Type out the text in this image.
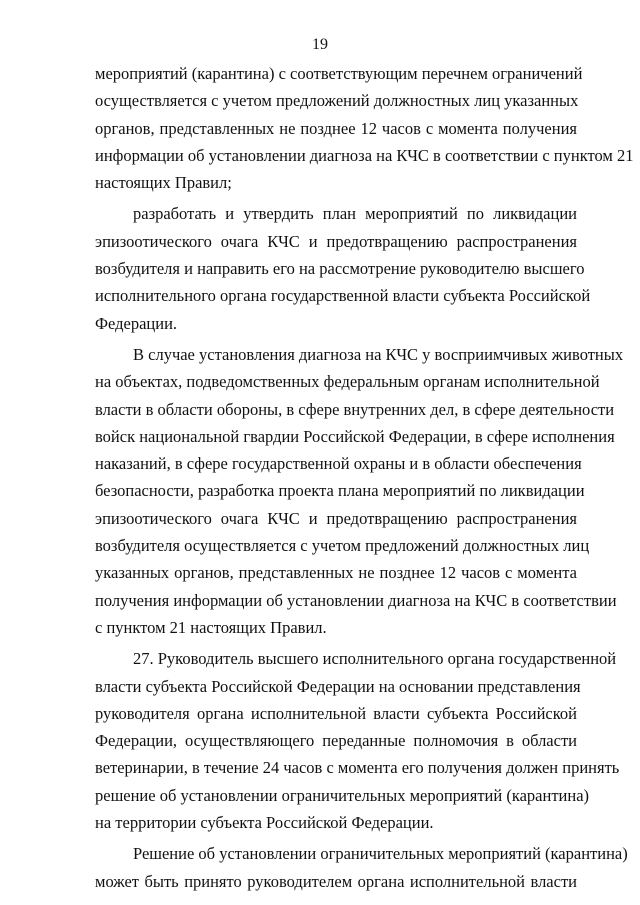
19
мероприятий (карантина) с соответствующим перечнем ограничений
осуществляется с учетом предложений должностных лиц указанных
органов, представленных не позднее 12 часов с момента получения
информации об установлении диагноза на КЧС в соответствии с пунктом 21
настоящих Правил;
разработать и утвердить план мероприятий по ликвидации
эпизоотического очага КЧС и предотвращению распространения
возбудителя и направить его на рассмотрение руководителю высшего
исполнительного органа государственной власти субъекта Российской
Федерации.
В случае установления диагноза на КЧС у восприимчивых животных
на объектах, подведомственных федеральным органам исполнительной
власти в области обороны, в сфере внутренних дел, в сфере деятельности
войск национальной гвардии Российской Федерации, в сфере исполнения
наказаний, в сфере государственной охраны и в области обеспечения
безопасности, разработка проекта плана мероприятий по ликвидации
эпизоотического очага КЧС и предотвращению распространения
возбудителя осуществляется с учетом предложений должностных лиц
указанных органов, представленных не позднее 12 часов с момента
получения информации об установлении диагноза на КЧС в соответствии
с пунктом 21 настоящих Правил.
27. Руководитель высшего исполнительного органа государственной
власти субъекта Российской Федерации на основании представления
руководителя органа исполнительной власти субъекта Российской
Федерации, осуществляющего переданные полномочия в области
ветеринарии, в течение 24 часов с момента его получения должен принять
решение об установлении ограничительных мероприятий (карантина)
на территории субъекта Российской Федерации.
Решение об установлении ограничительных мероприятий (карантина)
может быть принято руководителем органа исполнительной власти
